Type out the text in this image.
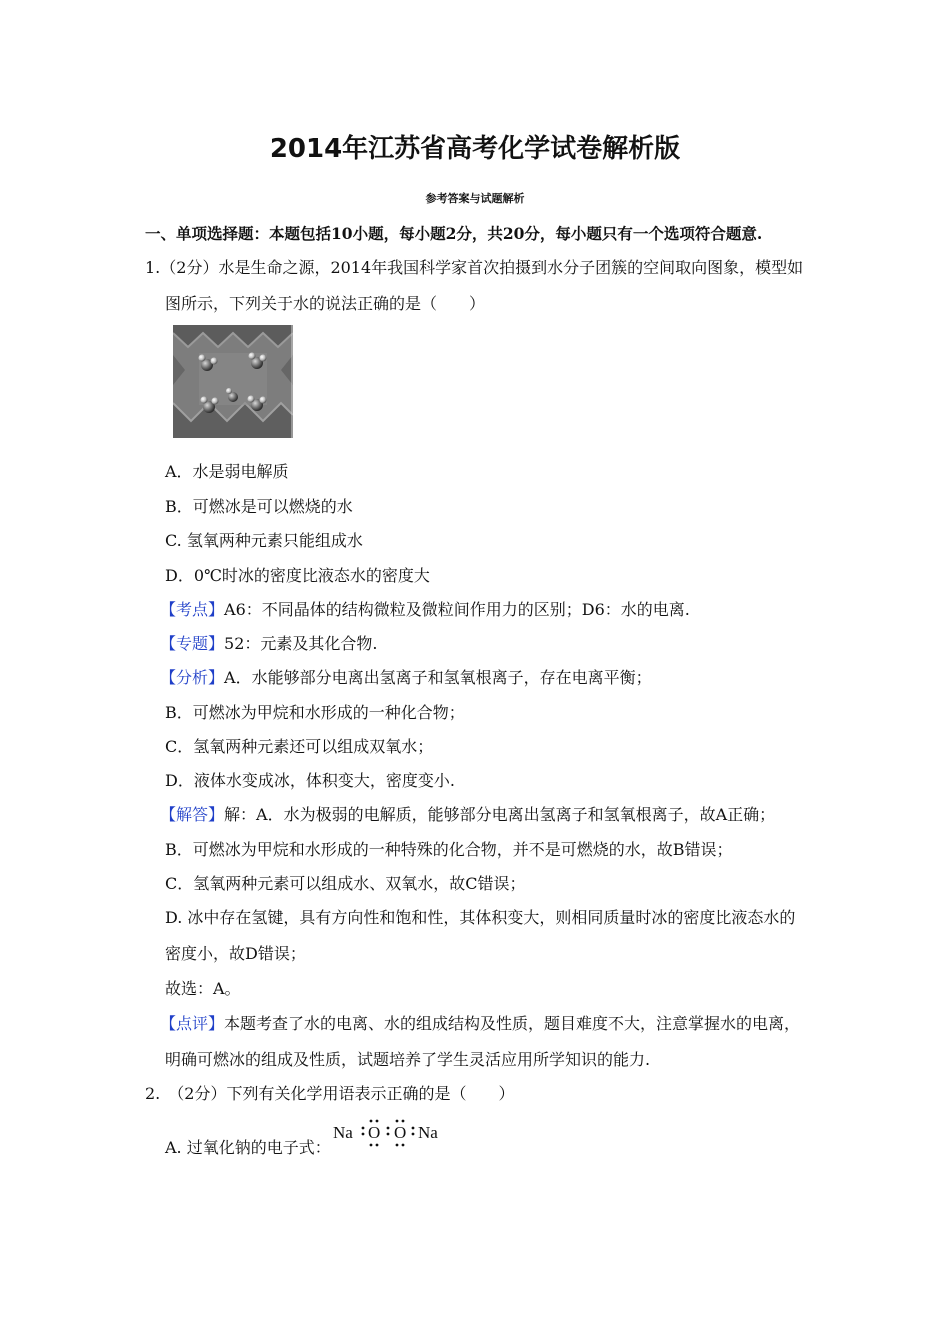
2014年江苏省高考化学试卷解析版
参考答案与试题解析
一、单项选择题：本题包括10小题，每小题2分，共20分，每小题只有一个选项符合题意.
1.（2分）水是生命之源，2014年我国科学家首次拍摄到水分子团簇的空间取向图象，模型如
图所示，下列关于水的说法正确的是（　　）
A．水是弱电解质
B．可燃冰是可以燃烧的水
C. 氢氧两种元素只能组成水
D．0℃时冰的密度比液态水的密度大
【考点】A6：不同晶体的结构微粒及微粒间作用力的区别；D6：水的电离.
【专题】52：元素及其化合物.
【分析】A．水能够部分电离出氢离子和氢氧根离子，存在电离平衡；
B．可燃冰为甲烷和水形成的一种化合物；
C．氢氧两种元素还可以组成双氧水；
D．液体水变成冰，体积变大，密度变小.
【解答】解：A．水为极弱的电解质，能够部分电离出氢离子和氢氧根离子，故A正确；
B．可燃冰为甲烷和水形成的一种特殊的化合物，并不是可燃烧的水，故B错误；
C．氢氧两种元素可以组成水、双氧水，故C错误；
D. 冰中存在氢键，具有方向性和饱和性，其体积变大，则相同质量时冰的密度比液态水的
密度小，故D错误；
故选：A。
【点评】本题考查了水的电离、水的组成结构及性质，题目难度不大，注意掌握水的电离，
明确可燃冰的组成及性质，试题培养了学生灵活应用所学知识的能力.
2.　（2分）下列有关化学用语表示正确的是（　　）
A. 过氧化钠的电子式：
Na O O Na
